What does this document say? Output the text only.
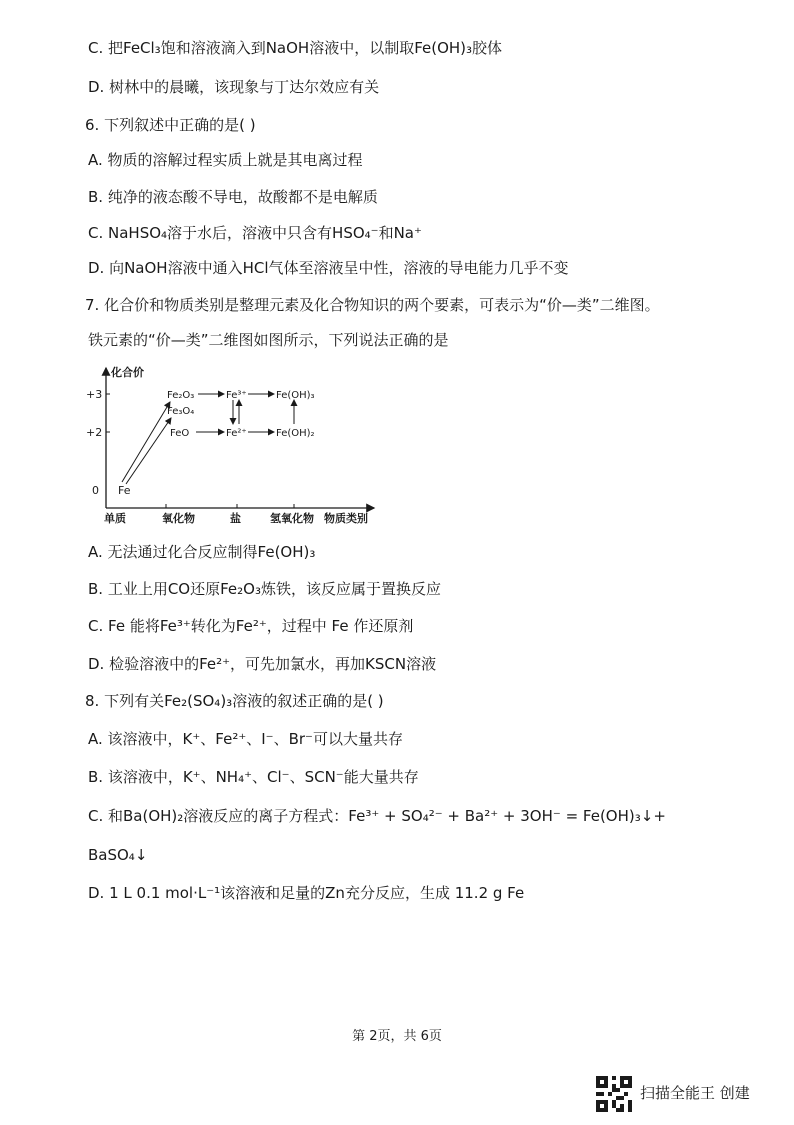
C. 把FeCl₃饱和溶液滴入到NaOH溶液中，以制取Fe(OH)₃胶体
D. 树林中的晨曦，该现象与丁达尔效应有关
6. 下列叙述中正确的是( )
A. 物质的溶解过程实质上就是其电离过程
B. 纯净的液态酸不导电，故酸都不是电解质
C. NaHSO₄溶于水后，溶液中只含有HSO₄⁻和Na⁺
D. 向NaOH溶液中通入HCl气体至溶液呈中性，溶液的导电能力几乎不变
7. 化合价和物质类别是整理元素及化合物知识的两个要素，可表示为“价—类”二维图。
铁元素的“价—类”二维图如图所示，下列说法正确的是
化合价
+3
+2
0
单质	氧化物	盐	氢氧化物 物质类别
Fe
Fe₂O₃
Fe₃O₄
FeO
Fe³⁺
Fe²⁺
Fe(OH)₃
Fe(OH)₂
A. 无法通过化合反应制得Fe(OH)₃
B. 工业上用CO还原Fe₂O₃炼铁，该反应属于置换反应
C. Fe 能将Fe³⁺转化为Fe²⁺，过程中 Fe 作还原剂
D. 检验溶液中的Fe²⁺，可先加氯水，再加KSCN溶液
8. 下列有关Fe₂(SO₄)₃溶液的叙述正确的是( )
A. 该溶液中，K⁺、Fe²⁺、I⁻、Br⁻可以大量共存
B. 该溶液中，K⁺、NH₄⁺、Cl⁻、SCN⁻能大量共存
C. 和Ba(OH)₂溶液反应的离子方程式：Fe³⁺ + SO₄²⁻ + Ba²⁺ + 3OH⁻ = Fe(OH)₃↓+
BaSO₄↓
D. 1 L 0.1 mol·L⁻¹该溶液和足量的Zn充分反应，生成 11.2 g Fe
第 2页，共 6页
扫描全能王 创建
